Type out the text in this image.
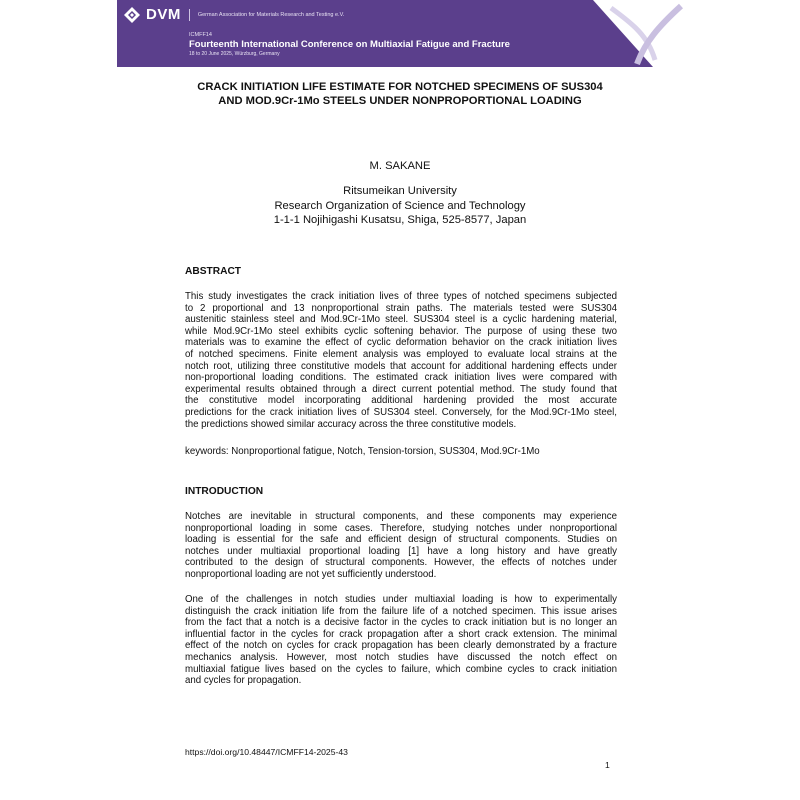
DVM	German Association for Materials Research and Testing e.V.
ICMFF14
Fourteenth International Conference on Multiaxial Fatigue and Fracture
18 to 20 June 2025, Würzburg, Germany
CRACK INITIATION LIFE ESTIMATE FOR NOTCHED SPECIMENS OF SUS304
AND MOD.9Cr-1Mo STEELS UNDER NONPROPORTIONAL LOADING
M. SAKANE
Ritsumeikan University
Research Organization of Science and Technology
1-1-1 Nojihigashi Kusatsu, Shiga, 525-8577, Japan
ABSTRACT
This study investigates the crack initiation lives of three types of notched specimens subjected
to 2 proportional and 13 nonproportional strain paths. The materials tested were SUS304
austenitic stainless steel and Mod.9Cr-1Mo steel. SUS304 steel is a cyclic hardening material,
while Mod.9Cr-1Mo steel exhibits cyclic softening behavior. The purpose of using these two
materials was to examine the effect of cyclic deformation behavior on the crack initiation lives
of notched specimens. Finite element analysis was employed to evaluate local strains at the
notch root, utilizing three constitutive models that account for additional hardening effects under
non-proportional loading conditions. The estimated crack initiation lives were compared with
experimental results obtained through a direct current potential method. The study found that
the constitutive model incorporating additional hardening provided the most accurate
predictions for the crack initiation lives of SUS304 steel. Conversely, for the Mod.9Cr-1Mo steel,
the predictions showed similar accuracy across the three constitutive models.
keywords: Nonproportional fatigue, Notch, Tension-torsion, SUS304, Mod.9Cr-1Mo
INTRODUCTION
Notches are inevitable in structural components, and these components may experience
nonproportional loading in some cases. Therefore, studying notches under nonproportional
loading is essential for the safe and efficient design of structural components. Studies on
notches under multiaxial proportional loading [1] have a long history and have greatly
contributed to the design of structural components. However, the effects of notches under
nonproportional loading are not yet sufficiently understood.
One of the challenges in notch studies under multiaxial loading is how to experimentally
distinguish the crack initiation life from the failure life of a notched specimen. This issue arises
from the fact that a notch is a decisive factor in the cycles to crack initiation but is no longer an
influential factor in the cycles for crack propagation after a short crack extension. The minimal
effect of the notch on cycles for crack propagation has been clearly demonstrated by a fracture
mechanics analysis. However, most notch studies have discussed the notch effect on
multiaxial fatigue lives based on the cycles to failure, which combine cycles to crack initiation
and cycles for propagation.
https://doi.org/10.48447/ICMFF14-2025-43
1
